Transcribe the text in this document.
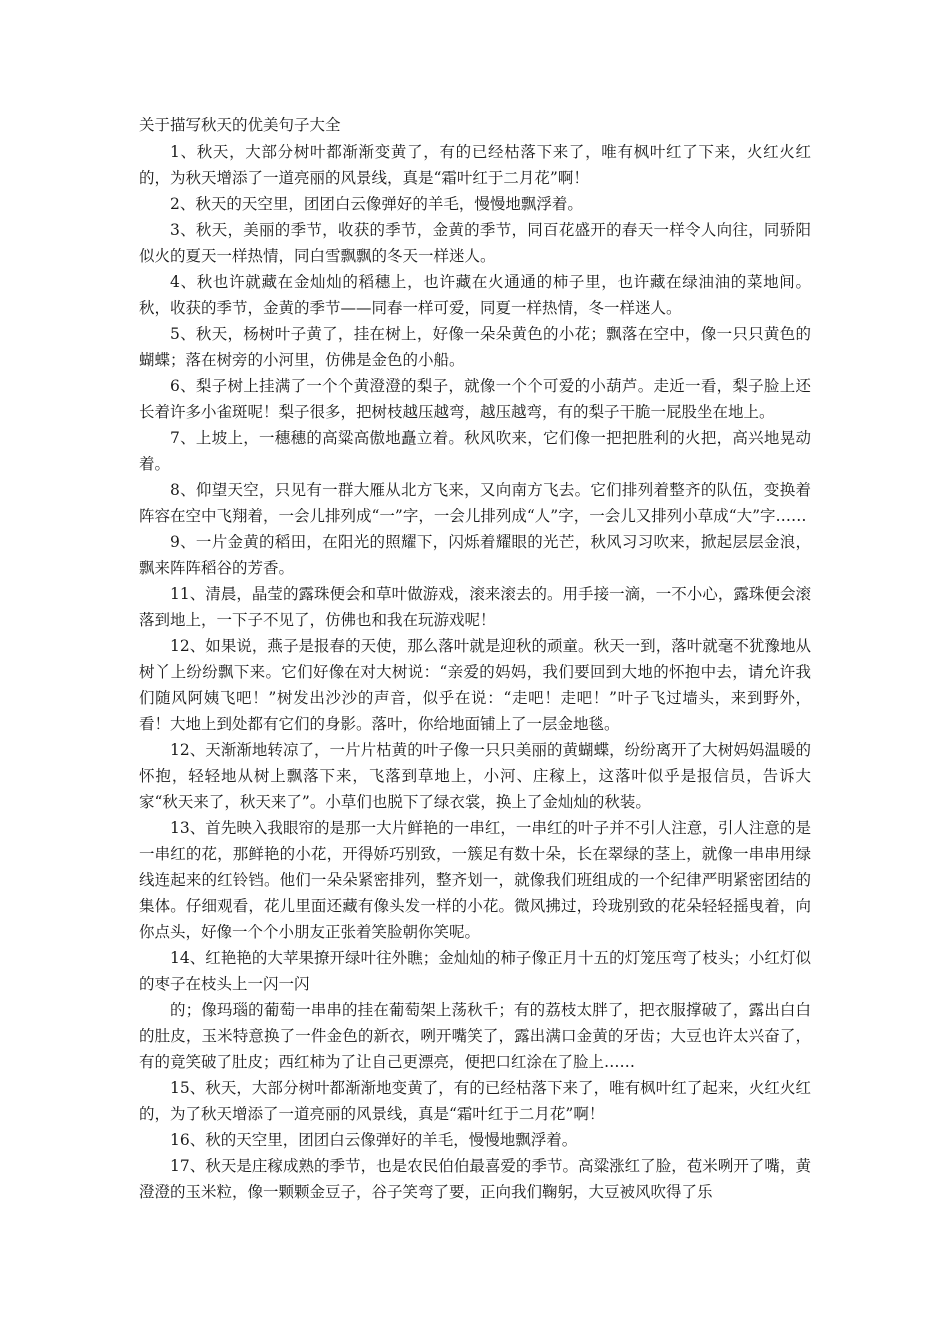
关于描写秋天的优美句子大全

1、秋天，大部分树叶都渐渐变黄了，有的已经枯落下来了，唯有枫叶红了下来，火红火红的，为秋天增添了一道亮丽的风景线，真是“霜叶红于二月花”啊！

2、秋天的天空里，团团白云像弹好的羊毛，慢慢地飘浮着。

3、秋天，美丽的季节，收获的季节，金黄的季节，同百花盛开的春天一样令人向往，同骄阳似火的夏天一样热情，同白雪飘飘的冬天一样迷人。

4、秋也许就藏在金灿灿的稻穗上，也许藏在火通通的柿子里，也许藏在绿油油的菜地间。秋，收获的季节，金黄的季节——同春一样可爱，同夏一样热情，冬一样迷人。

5、秋天，杨树叶子黄了，挂在树上，好像一朵朵黄色的小花；飘落在空中，像一只只黄色的蝴蝶；落在树旁的小河里，仿佛是金色的小船。

6、梨子树上挂满了一个个黄澄澄的梨子，就像一个个可爱的小葫芦。走近一看，梨子脸上还长着许多小雀斑呢！梨子很多，把树枝越压越弯，越压越弯，有的梨子干脆一屁股坐在地上。

7、上坡上，一穗穗的高粱高傲地矗立着。秋风吹来，它们像一把把胜利的火把，高兴地晃动着。

8、仰望天空，只见有一群大雁从北方飞来，又向南方飞去。它们排列着整齐的队伍，变换着阵容在空中飞翔着，一会儿排列成“一”字，一会儿排列成“人”字，一会儿又排列小草成“大”字……

9、一片金黄的稻田，在阳光的照耀下，闪烁着耀眼的光芒，秋风习习吹来，掀起层层金浪，飘来阵阵稻谷的芳香。

11、清晨，晶莹的露珠便会和草叶做游戏，滚来滚去的。用手接一滴，一不小心，露珠便会滚落到地上，一下子不见了，仿佛也和我在玩游戏呢！

12、如果说，燕子是报春的天使，那么落叶就是迎秋的顽童。秋天一到，落叶就毫不犹豫地从树丫上纷纷飘下来。它们好像在对大树说：“亲爱的妈妈，我们要回到大地的怀抱中去，请允许我们随风阿姨飞吧！”树发出沙沙的声音，似乎在说：“走吧！走吧！”叶子飞过墙头，来到野外，看！大地上到处都有它们的身影。落叶，你给地面铺上了一层金地毯。

12、天渐渐地转凉了，一片片枯黄的叶子像一只只美丽的黄蝴蝶，纷纷离开了大树妈妈温暖的怀抱，轻轻地从树上飘落下来，飞落到草地上，小河、庄稼上，这落叶似乎是报信员，告诉大家“秋天来了，秋天来了”。小草们也脱下了绿衣裳，换上了金灿灿的秋装。

13、首先映入我眼帘的是那一大片鲜艳的一串红，一串红的叶子并不引人注意，引人注意的是一串红的花，那鲜艳的小花，开得娇巧别致，一簇足有数十朵，长在翠绿的茎上，就像一串串用绿线连起来的红铃铛。他们一朵朵紧密排列，整齐划一，就像我们班组成的一个纪律严明紧密团结的集体。仔细观看，花儿里面还藏有像头发一样的小花。微风拂过，玲珑别致的花朵轻轻摇曳着，向你点头，好像一个个小朋友正张着笑脸朝你笑呢。

14、红艳艳的大苹果撩开绿叶往外瞧；金灿灿的柿子像正月十五的灯笼压弯了枝头；小红灯似的枣子在枝头上一闪一闪

的；像玛瑙的葡萄一串串的挂在葡萄架上荡秋千；有的荔枝太胖了，把衣服撑破了，露出白白的肚皮，玉米特意换了一件金色的新衣，咧开嘴笑了，露出满口金黄的牙齿；大豆也许太兴奋了，有的竟笑破了肚皮；西红柿为了让自己更漂亮，便把口红涂在了脸上……

15、秋天，大部分树叶都渐渐地变黄了，有的已经枯落下来了，唯有枫叶红了起来，火红火红的，为了秋天增添了一道亮丽的风景线，真是“霜叶红于二月花”啊！

16、秋的天空里，团团白云像弹好的羊毛，慢慢地飘浮着。

17、秋天是庄稼成熟的季节，也是农民伯伯最喜爱的季节。高粱涨红了脸，苞米咧开了嘴，黄澄澄的玉米粒，像一颗颗金豆子，谷子笑弯了要，正向我们鞠躬，大豆被风吹得了乐
